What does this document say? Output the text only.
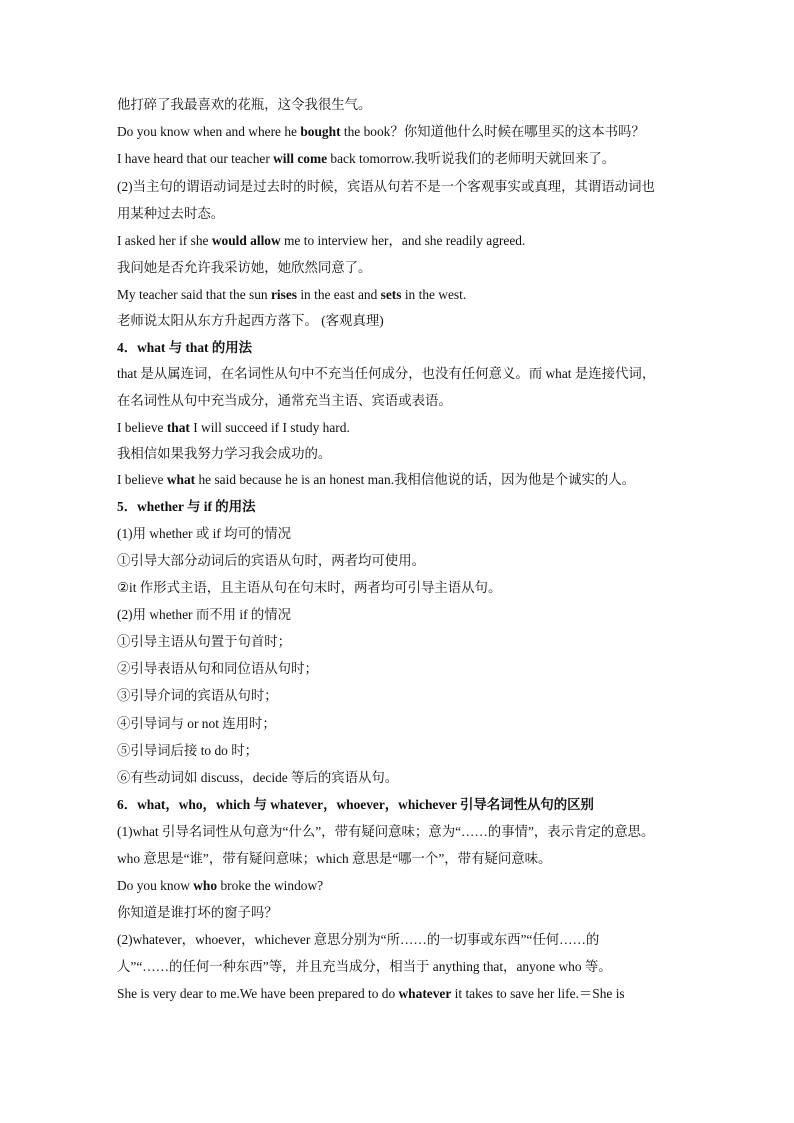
他打碎了我最喜欢的花瓶，这令我很生气。
Do you know when and where he bought the book？你知道他什么时候在哪里买的这本书吗？
I have heard that our teacher will come back tomorrow.我听说我们的老师明天就回来了。
(2)当主句的谓语动词是过去时的时候，宾语从句若不是一个客观事实或真理，其谓语动词也
用某种过去时态。
I asked her if she would allow me to interview her，and she readily agreed.
我问她是否允许我采访她，她欣然同意了。
My teacher said that the sun rises in the east and sets in the west.
老师说太阳从东方升起西方落下。 (客观真理)
4．what 与 that 的用法
that 是从属连词，在名词性从句中不充当任何成分，也没有任何意义。而 what 是连接代词，
在名词性从句中充当成分，通常充当主语、宾语或表语。
I believe that I will succeed if I study hard.
我相信如果我努力学习我会成功的。
I believe what he said because he is an honest man.我相信他说的话，因为他是个诚实的人。
5．whether 与 if 的用法
(1)用 whether 或 if 均可的情况
①引导大部分动词后的宾语从句时，两者均可使用。
②it 作形式主语，且主语从句在句末时，两者均可引导主语从句。
(2)用 whether 而不用 if 的情况
①引导主语从句置于句首时；
②引导表语从句和同位语从句时；
③引导介词的宾语从句时；
④引导词与 or not 连用时；
⑤引导词后接 to do 时；
⑥有些动词如 discuss，decide 等后的宾语从句。
6．what，who，which 与 whatever，whoever，whichever 引导名词性从句的区别
(1)what 引导名词性从句意为“什么”，带有疑问意味；意为“……的事情”，表示肯定的意思。
who 意思是“谁”，带有疑问意味；which 意思是“哪一个”，带有疑问意味。
Do you know who broke the window?
你知道是谁打坏的窗子吗？
(2)whatever，whoever，whichever 意思分别为“所……的一切事或东西”“任何……的
人”“……的任何一种东西”等，并且充当成分，相当于 anything that，anyone who 等。
She is very dear to me.We have been prepared to do whatever it takes to save her life.＝She is
